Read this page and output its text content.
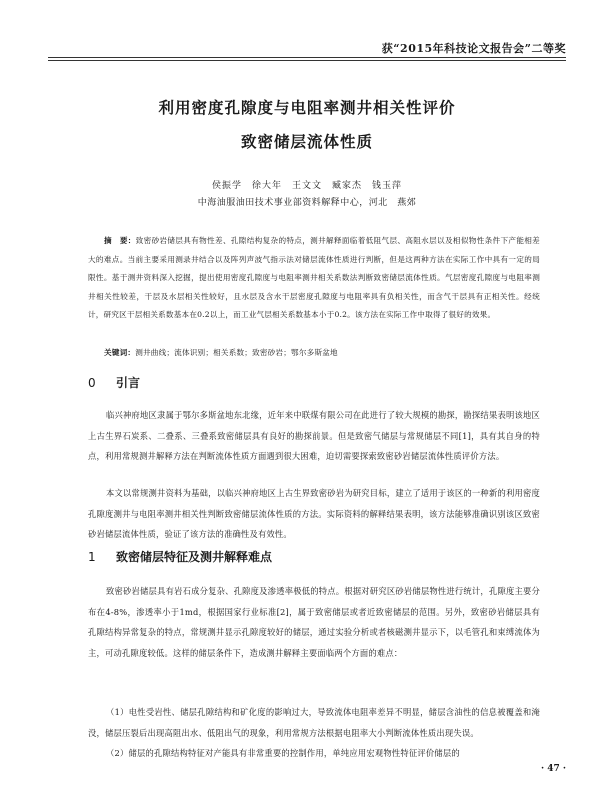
获“2015年科技论文报告会”二等奖
利用密度孔隙度与电阻率测井相关性评价
致密储层流体性质
侯振学　徐大年　王文文　臧家杰　钱玉萍
中海油服油田技术事业部资料解释中心，河北　燕郊
摘　要：致密砂岩储层具有物性差、孔隙结构复杂的特点，测井解释面临着低阻气层、高阻水层以及相似物性条件下产能相差大的难点。当前主要采用测录井结合以及阵列声波气指示法对储层流体性质进行判断，但是这两种方法在实际工作中具有一定的局限性。基于测井资料深入挖掘，提出使用密度孔隙度与电阻率测井相关系数法判断致密储层流体性质。气层密度孔隙度与电阻率测井相关性较差，干层及水层相关性较好，且水层及含水干层密度孔隙度与电阻率具有负相关性，而含气干层具有正相关性。经统计，研究区干层相关系数基本在0.2以上，而工业气层相关系数基本小于0.2。该方法在实际工作中取得了很好的效果。
关键词：测井曲线；流体识别；相关系数；致密砂岩；鄂尔多斯盆地
0 引言
临兴神府地区隶属于鄂尔多斯盆地东北缘，近年来中联煤有限公司在此进行了较大规模的勘探，勘探结果表明该地区上古生界石炭系、二叠系、三叠系致密储层具有良好的勘探前景。但是致密气储层与常规储层不同[1]，具有其自身的特点，利用常规测井解释方法在判断流体性质方面遇到很大困难，迫切需要探索致密砂岩储层流体性质评价方法。
本文以常规测井资料为基础，以临兴神府地区上古生界致密砂岩为研究目标，建立了适用于该区的一种新的利用密度孔隙度测井与电阻率测井相关性判断致密储层流体性质的方法。实际资料的解释结果表明，该方法能够准确识别该区致密砂岩储层流体性质，验证了该方法的准确性及有效性。
1 致密储层特征及测井解释难点
致密砂岩储层具有岩石成分复杂、孔隙度及渗透率极低的特点。根据对研究区砂岩储层物性进行统计，孔隙度主要分布在4-8%，渗透率小于1md，根据国家行业标准[2]，属于致密储层或者近致密储层的范围。另外，致密砂岩储层具有孔隙结构异常复杂的特点，常规测井显示孔隙度较好的储层，通过实验分析或者核磁测井显示下，以毛管孔和束缚流体为主，可动孔隙度较低。这样的储层条件下，造成测井解释主要面临两个方面的难点：
（1）电性受岩性、储层孔隙结构和矿化度的影响过大，导致流体电阻率差异不明显，储层含油性的信息被覆盖和淹没，储层压裂后出现高阻出水、低阻出气的现象，利用常规方法根据电阻率大小判断流体性质出现失误。
（2）储层的孔隙结构特征对产能具有非常重要的控制作用，单纯应用宏观物性特征评价储层的
· 47 ·
